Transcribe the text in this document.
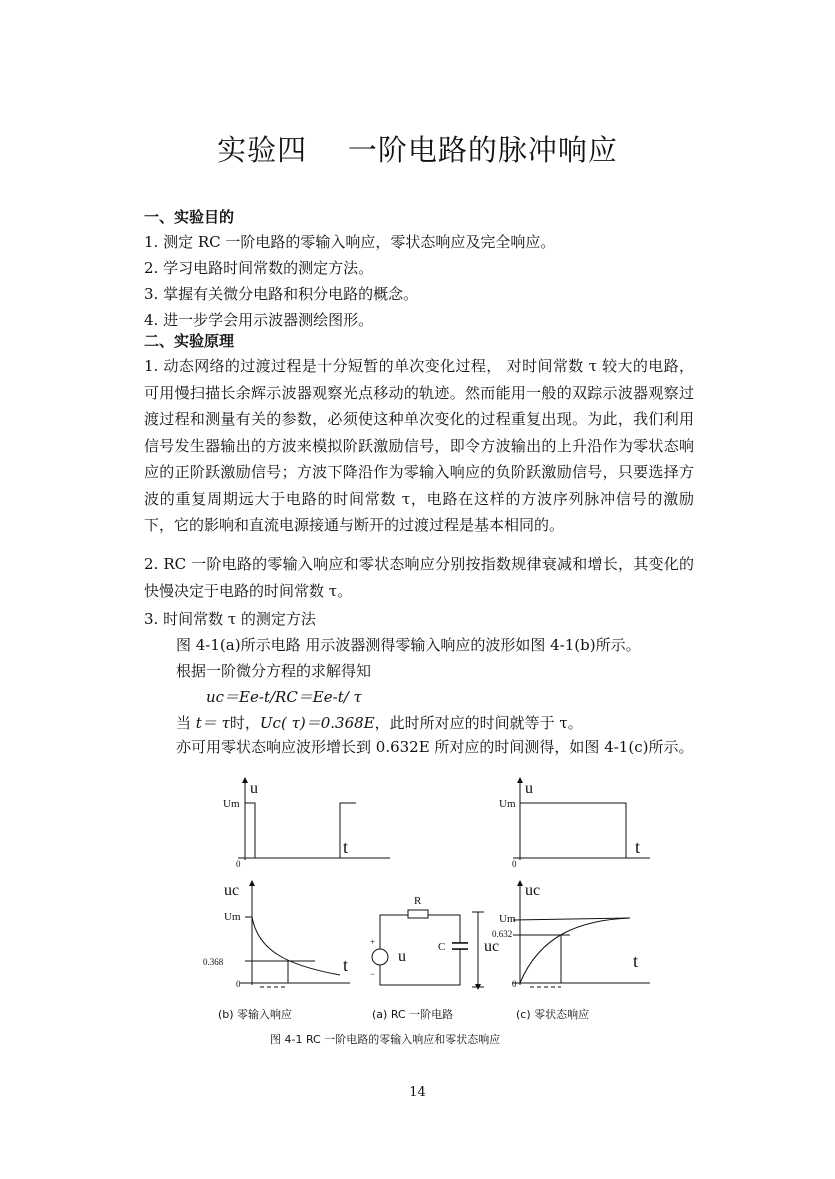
实验四    一阶电路的脉冲响应
一、实验目的
1. 测定 RC 一阶电路的零输入响应，零状态响应及完全响应。
2. 学习电路时间常数的测定方法。
3. 掌握有关微分电路和积分电路的概念。
4. 进一步学会用示波器测绘图形。
二、实验原理

1. 动态网络的过渡过程是十分短暂的单次变化过程， 对时间常数 τ 较大的电路，可用慢扫描长余辉示波器观察光点移动的轨迹。然而能用一般的双踪示波器观察过渡过程和测量有关的参数，必须使这种单次变化的过程重复出现。为此，我们利用信号发生器输出的方波来模拟阶跃激励信号，即令方波输出的上升沿作为零状态响应的正阶跃激励信号；方波下降沿作为零输入响应的负阶跃激励信号，只要选择方波的重复周期远大于电路的时间常数 τ，电路在这样的方波序列脉冲信号的激励下，它的影响和直流电源接通与断开的过渡过程是基本相同的。

2. RC 一阶电路的零输入响应和零状态响应分别按指数规律衰减和增长，其变化的快慢决定于电路的时间常数 τ。

3. 时间常数 τ 的测定方法
图 4-1(a)所示电路 用示波器测得零输入响应的波形如图 4-1(b)所示。
根据一阶微分方程的求解得知
uc＝Ee-t/RC＝Ee-t/ τ
当 t＝ τ时，Uc( τ)＝0.368E，此时所对应的时间就等于 τ。

亦可用零状态响应波形增长到 0.632E 所对应的时间测得，如图 4-1(c)所示。

u
Um
t
0
u
Um
t
0
uc
Um
0.368	t
0
R
u
+
−
C uc
uc
Um
0.632
t
0
(b) 零输入响应	(a) RC 一阶电路	(c) 零状态响应
图 4-1 RC 一阶电路的零输入响应和零状态响应
14
